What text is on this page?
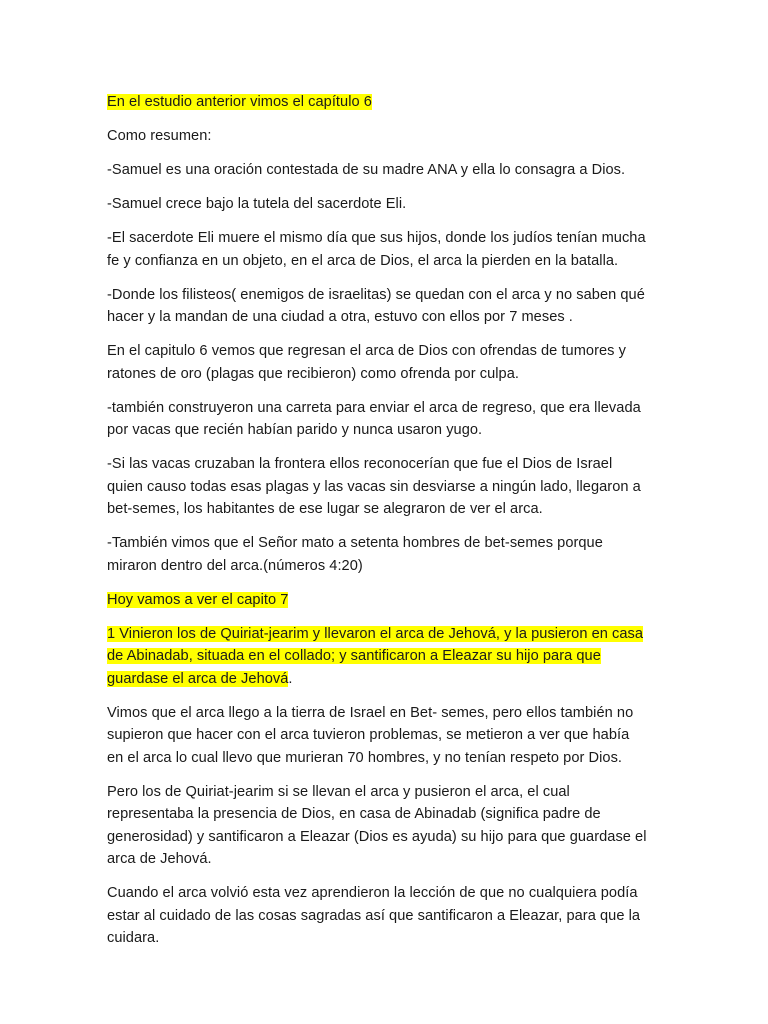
En el estudio anterior vimos el capítulo 6

Como resumen:

-Samuel es una oración contestada de su madre ANA y ella lo consagra a Dios.

-Samuel crece bajo la tutela del sacerdote Eli.

-El sacerdote Eli muere el mismo día que sus hijos, donde los judíos tenían mucha fe y confianza en un objeto, en el arca de Dios, el arca la pierden en la batalla.

-Donde los filisteos( enemigos de israelitas) se quedan con el arca y no saben qué hacer y la mandan de una ciudad a otra, estuvo con ellos por 7 meses .

En el capitulo 6 vemos que regresan el arca de Dios con ofrendas de tumores y ratones de oro (plagas que recibieron) como ofrenda por culpa.

-también construyeron una carreta para enviar el arca de regreso, que era llevada por vacas que recién habían parido y nunca usaron yugo.

-Si las vacas cruzaban la frontera ellos reconocerían que fue el Dios de Israel quien causo todas esas plagas y las vacas sin desviarse a ningún lado, llegaron a bet-semes, los habitantes de ese lugar se alegraron de ver el arca.

-También vimos que el Señor mato a setenta hombres de bet-semes porque miraron dentro del arca.(números 4:20)

Hoy vamos a ver el capito 7

1 Vinieron los de Quiriat-jearim y llevaron el arca de Jehová, y la pusieron en casa de Abinadab, situada en el collado; y santificaron a Eleazar su hijo para que guardase el arca de Jehová.

Vimos que el arca llego a la tierra de Israel en Bet- semes, pero ellos también no supieron que hacer con el arca tuvieron problemas, se metieron a ver que había en el arca lo cual llevo que murieran 70 hombres, y no tenían respeto por Dios.

Pero los de Quiriat-jearim si se llevan el arca y pusieron el arca, el cual representaba la presencia de Dios, en casa de Abinadab (significa padre de generosidad) y santificaron a Eleazar (Dios es ayuda) su hijo para que guardase el arca de Jehová.

Cuando el arca volvió esta vez aprendieron la lección de que no cualquiera podía estar al cuidado de las cosas sagradas así que santificaron a Eleazar, para que la cuidara.
